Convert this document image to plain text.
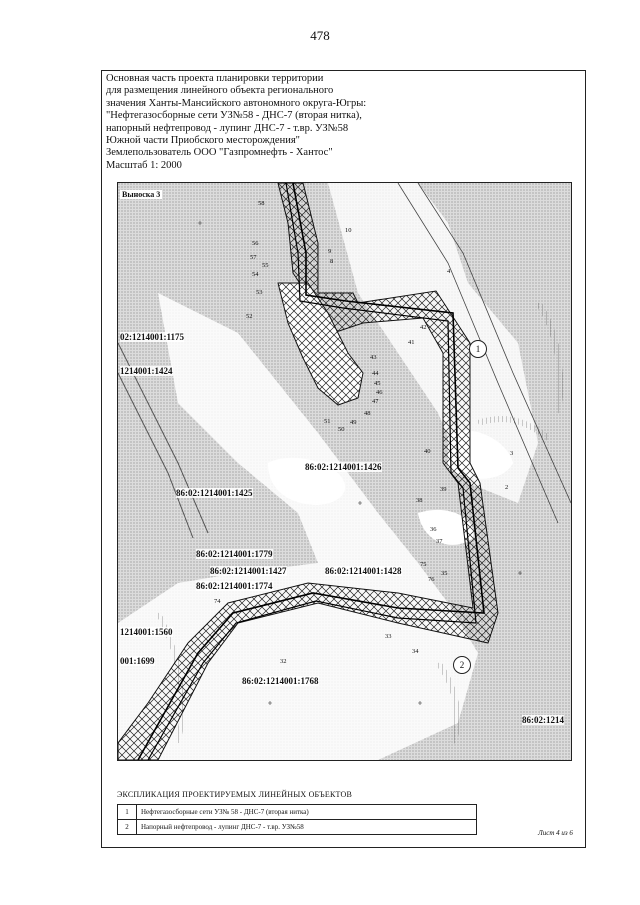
478
Основная часть проекта планировки территории
для размещения линейного объекта регионального
значения Ханты-Мансийского автономного округа-Югры:
"Нефтегазосборные сети УЗ№58 - ДНС-7 (вторая нитка),
напорный нефтепровод - лупинг ДНС-7 - т.вр. УЗ№58
Южной части Приобского месторождения"
Землепользователь ООО "Газпромнефть - Хантос"
Масштаб 1: 2000
Выноска 3
02:1214001:1175
1214001:1424
86:02:1214001:1426
86:02:1214001:1425
86:02:1214001:1779
86:02:1214001:1427	86:02:1214001:1428
86:02:1214001:1774
1214001:1560
001:1699
86:02:1214001:1768
86:02:1214
58
10
56
57
55
9
54
8
53
52
4
42
41
43
44
45
46
47
48
49
50
51
40	3
2
39
38
37
36
35
75
76
74
33
34
32
1
2
ЭКСПЛИКАЦИЯ ПРОЕКТИРУЕМЫХ ЛИНЕЙНЫХ ОБЪЕКТОВ
1	Нефтегазосборные сети УЗ№ 58 - ДНС-7 (вторая нитка)
2	Напорный нефтепровод - лупинг ДНС-7 - т.вр. УЗ№58
Лист 4 из 6
